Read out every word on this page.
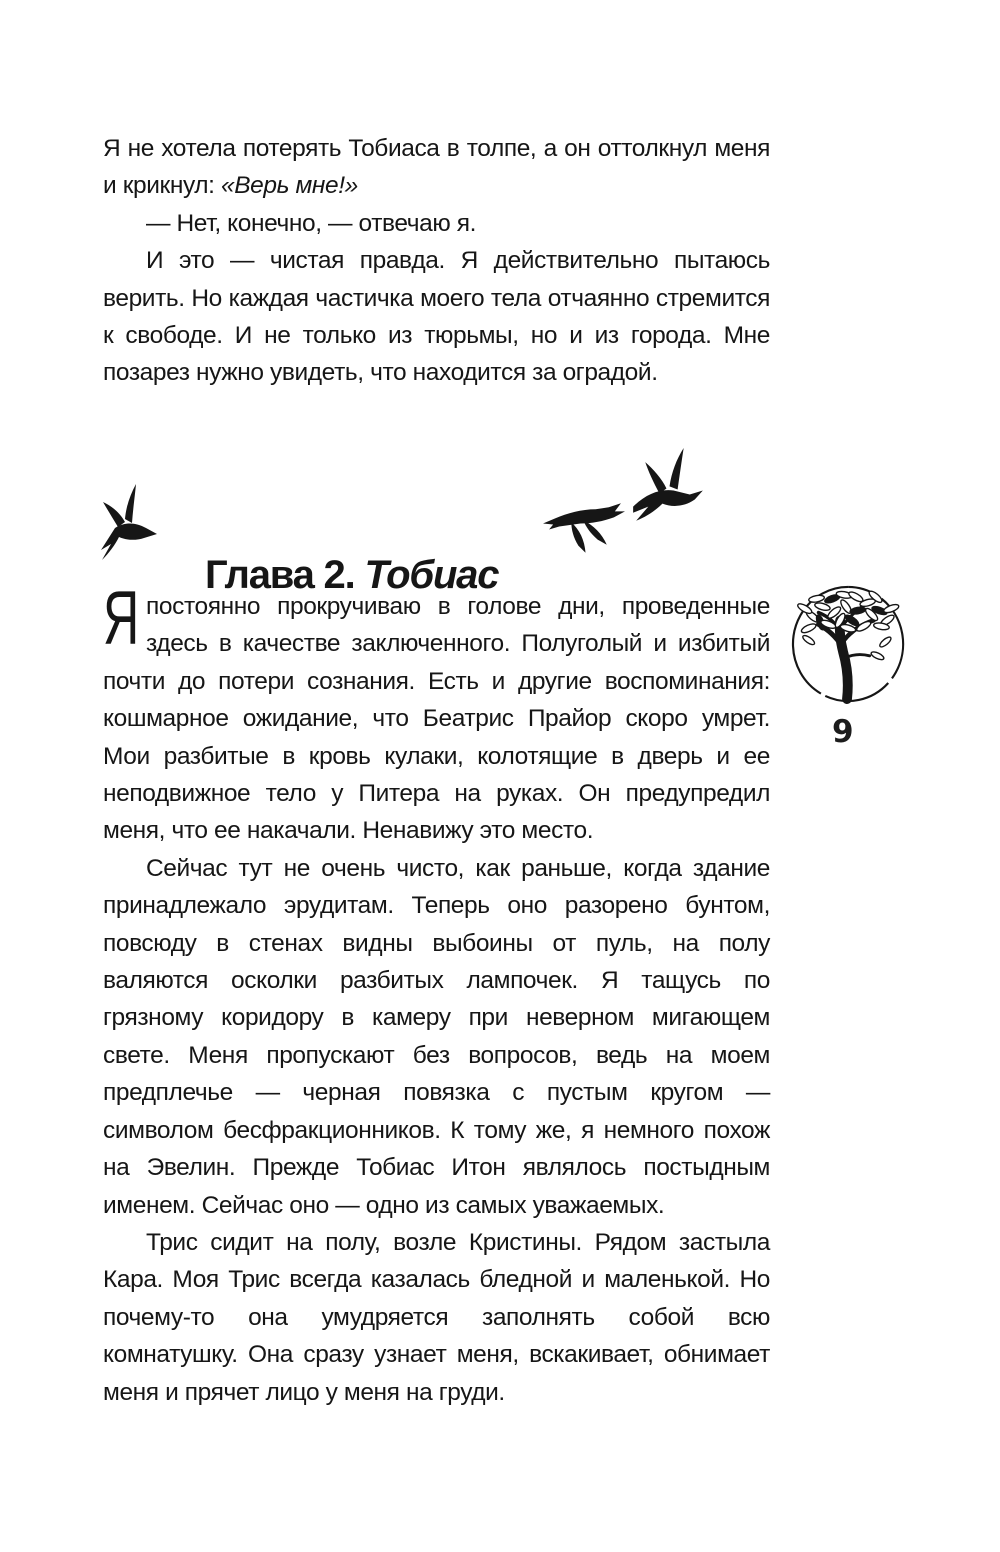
Я не хотела потерять Тобиаса в толпе, а он оттолкнул меня и крикнул: «Верь мне!»

— Нет, конечно, — отвечаю я.

И это — чистая правда. Я действительно пытаюсь верить. Но каждая частичка моего тела отчаянно стремится к свободе. И не только из тюрьмы, но и из города. Мне позарез нужно увидеть, что находится за оградой.

Глава 2. Тобиас

Я постоянно прокручиваю в голове дни, проведенные здесь в качестве заключенного. Полуголый и избитый почти до потери сознания. Есть и другие воспоминания: кошмарное ожидание, что Беатрис Прайор скоро умрет. Мои разбитые в кровь кулаки, колотящие в дверь и ее неподвижное тело у Питера на руках. Он предупредил меня, что ее накачали. Ненавижу это место.

Сейчас тут не очень чисто, как раньше, когда здание принадлежало эрудитам. Теперь оно разорено бунтом, повсюду в стенах видны выбоины от пуль, на полу валяются осколки разбитых лампочек. Я тащусь по грязному коридору в камеру при неверном мигающем свете. Меня пропускают без вопросов, ведь на моем предплечье — черная повязка с пустым кругом — символом бесфракционников. К тому же, я немного похож на Эвелин. Прежде Тобиас Итон являлось постыдным именем. Сейчас оно — одно из самых уважаемых.

Трис сидит на полу, возле Кристины. Рядом застыла Кара. Моя Трис всегда казалась бледной и маленькой. Но почему-то она умудряется заполнять собой всю комнатушку. Она сразу узнает меня, вскакивает, обнимает меня и прячет лицо у меня на груди.

9
